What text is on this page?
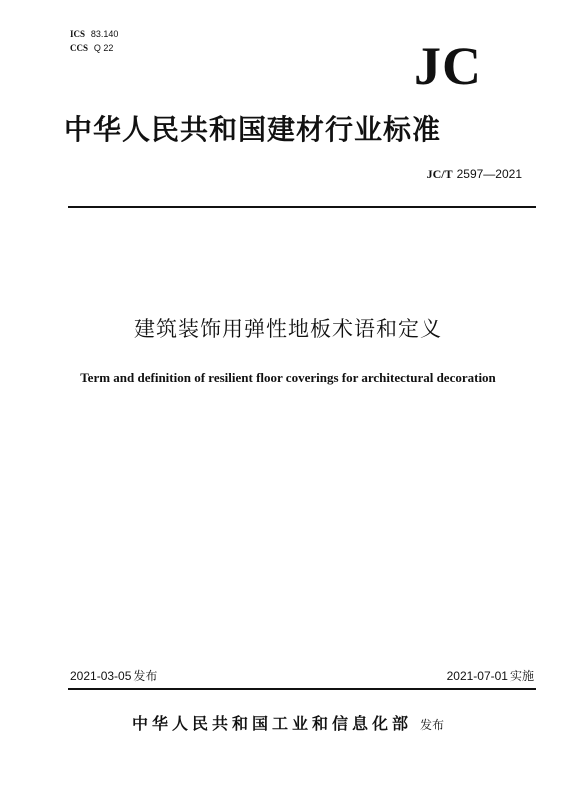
ICS 83.140
CCS Q 22	JC
中华人民共和国建材行业标准
JC/T 2597—2021
建筑装饰用弹性地板术语和定义
Term and definition of resilient floor coverings for architectural decoration
2021-03-05 发布	2021-07-01 实施
中华人民共和国工业和信息化部 发布
